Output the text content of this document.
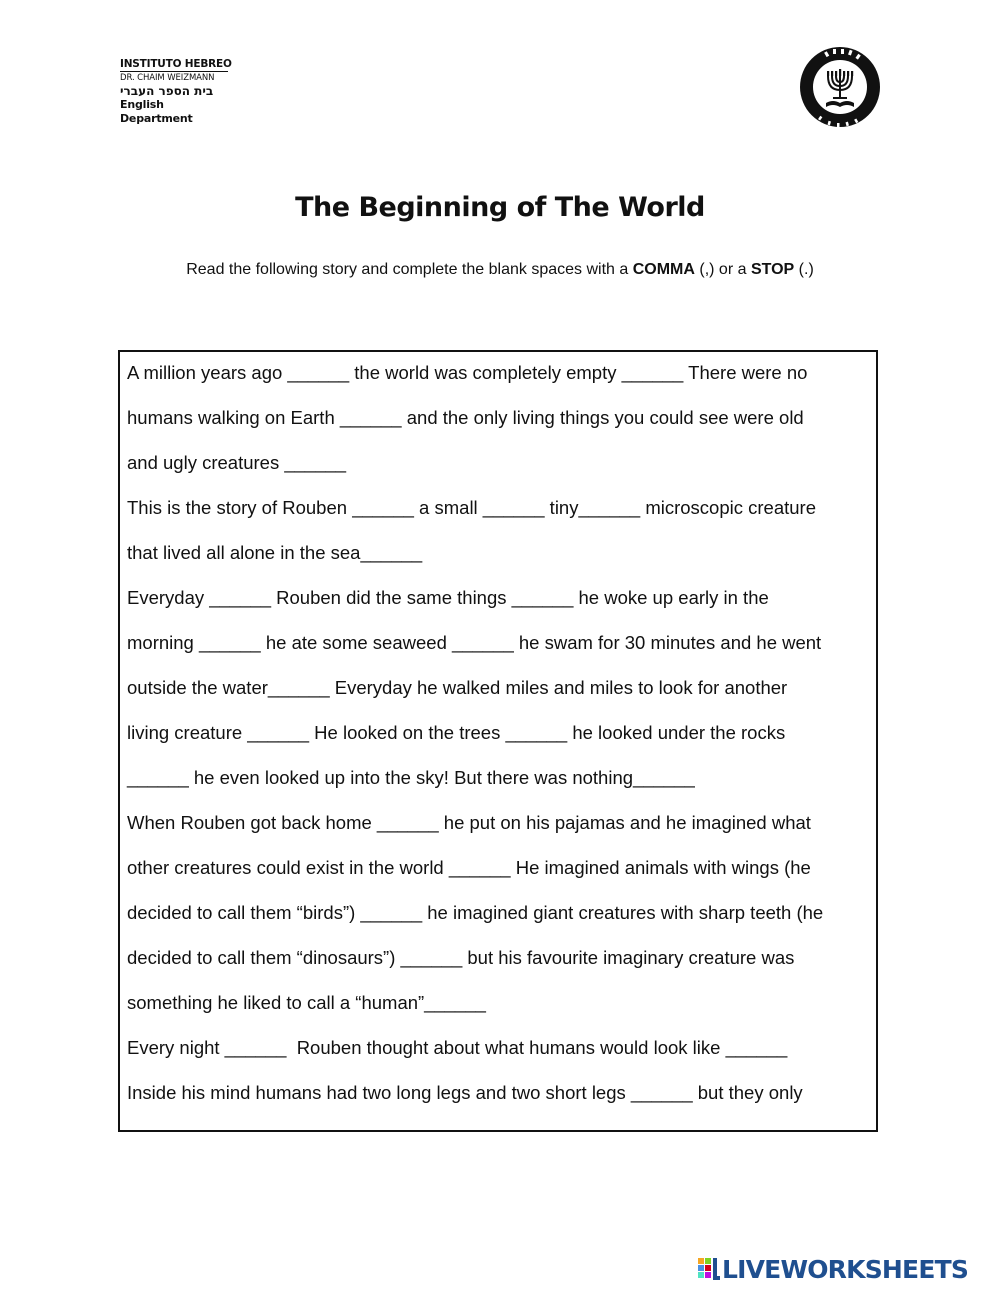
INSTITUTO HEBREO
DR. CHAIM WEIZMANN
בית הספר העברי
English Department
The Beginning of The World
Read the following story and complete the blank spaces with a COMMA (,) or a STOP (.)
A million years ago ______ the world was completely empty ______ There were no
humans walking on Earth ______ and the only living things you could see were old
and ugly creatures ______
This is the story of Rouben ______ a small ______ tiny______ microscopic creature
that lived all alone in the sea______
Everyday ______ Rouben did the same things ______ he woke up early in the
morning ______ he ate some seaweed ______ he swam for 30 minutes and he went
outside the water______ Everyday he walked miles and miles to look for another
living creature ______ He looked on the trees ______ he looked under the rocks
______ he even looked up into the sky! But there was nothing______
When Rouben got back home ______ he put on his pajamas and he imagined what
other creatures could exist in the world ______ He imagined animals with wings (he
decided to call them “birds”) ______ he imagined giant creatures with sharp teeth (he
decided to call them “dinosaurs”) ______ but his favourite imaginary creature was
something he liked to call a “human”______
Every night ______  Rouben thought about what humans would look like ______
Inside his mind humans had two long legs and two short legs ______ but they only
LIVEWORKSHEETS
